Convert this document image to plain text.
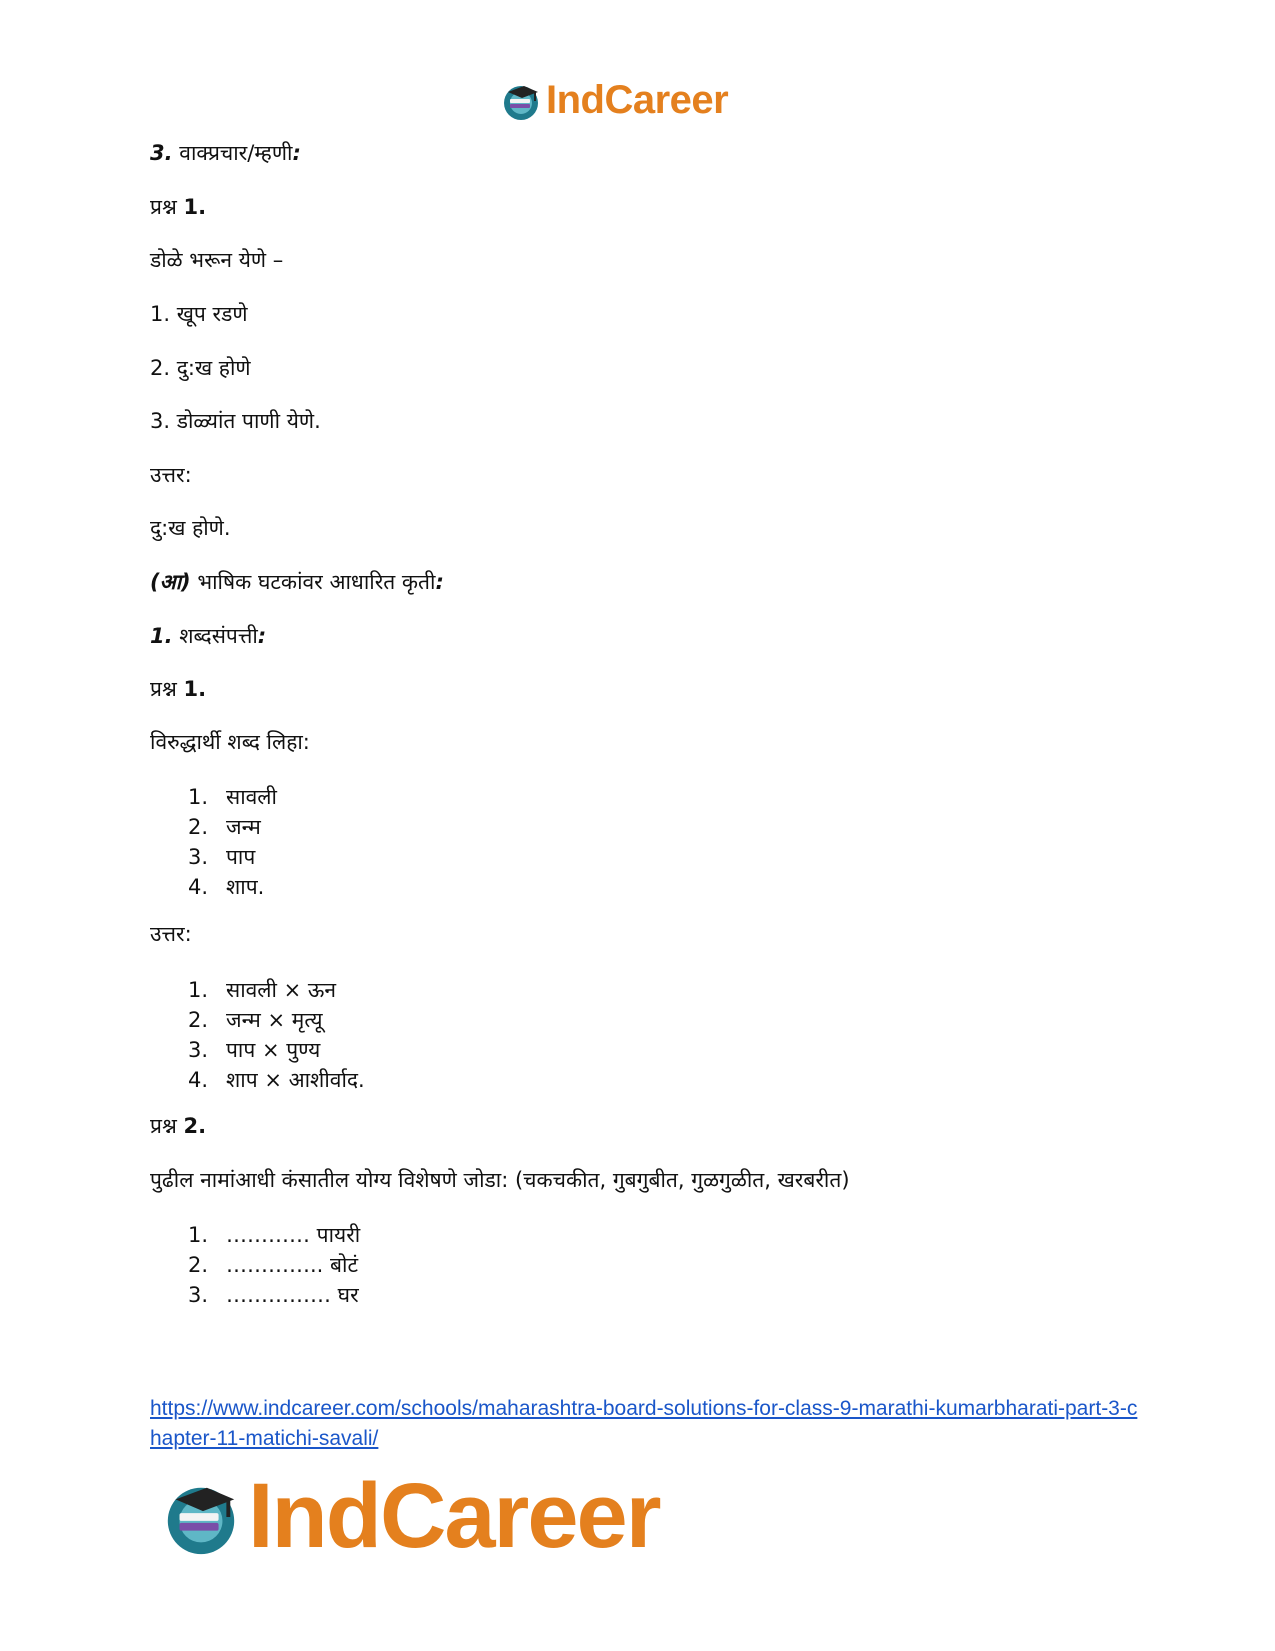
IndCareer
3. वाक्प्रचार/म्हणी:
प्रश्न 1.
डोळे भरून येणे –
1. खूप रडणे
2. दु:ख होणे
3. डोळ्यांत पाणी येणे.
उत्तर:
दु:ख होणे.
(आ) भाषिक घटकांवर आधारित कृती:
1. शब्दसंपत्ती:
प्रश्न 1.
विरुद्धार्थी शब्द लिहा:
1. सावली
2. जन्म
3. पाप
4. शाप.
उत्तर:
1. सावली × ऊन
2. जन्म × मृत्यू
3. पाप × पुण्य
4. शाप × आशीर्वाद.
प्रश्न 2.
पुढील नामांआधी कंसातील योग्य विशेषणे जोडा: (चकचकीत, गुबगुबीत, गुळगुळीत, खरबरीत)
1. ………… पायरी
2. ………….. बोटं
3. …………… घर
https://www.indcareer.com/schools/maharashtra-board-solutions-for-class-9-marathi-kumarbharati-part-3-chapter-11-matichi-savali/
IndCareer
